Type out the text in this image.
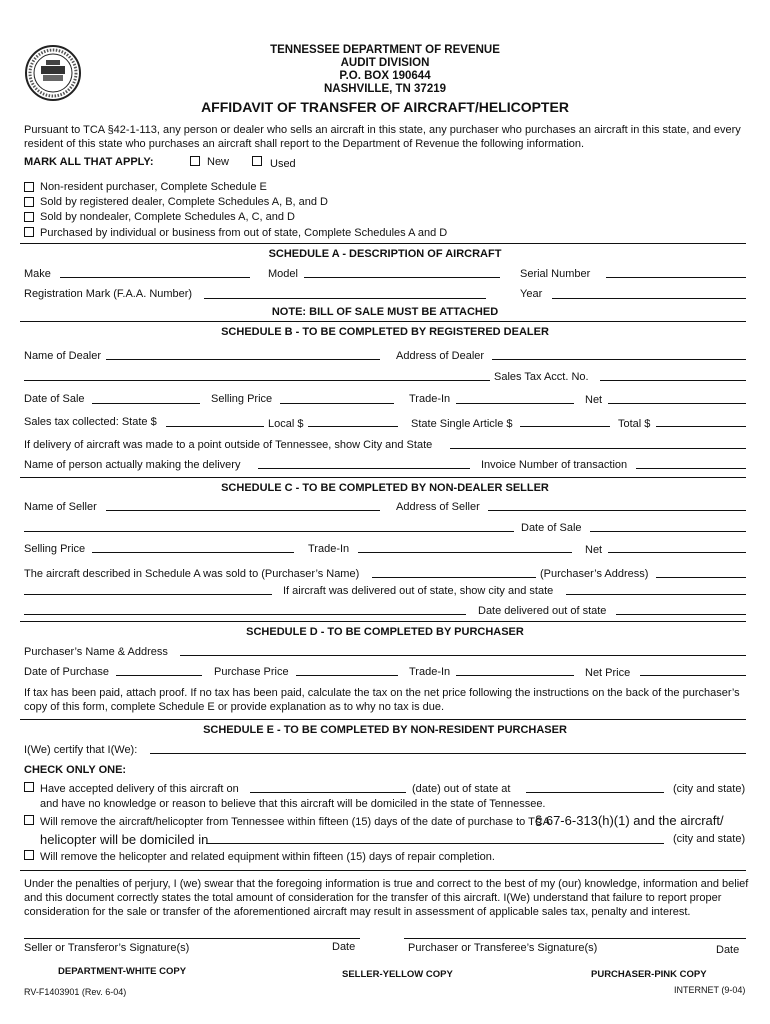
TENNESSEE DEPARTMENT OF REVENUE
AUDIT DIVISION
P.O. BOX 190644
NASHVILLE, TN 37219
AFFIDAVIT OF TRANSFER OF AIRCRAFT/HELICOPTER
Pursuant to TCA §42-1-113, any person or dealer who sells an aircraft in this state, any purchaser who purchases an aircraft in this state, and every resident of this state who purchases an aircraft shall report to the Department of Revenue the following information.
MARK ALL THAT APPLY:	New	Used
Non-resident purchaser, Complete Schedule E
Sold by registered dealer, Complete Schedules A, B, and D
Sold by nondealer, Complete Schedules A, C, and D
Purchased by individual or business from out of state, Complete Schedules A and D
SCHEDULE A - DESCRIPTION OF AIRCRAFT
Make	Model	Serial Number
Registration Mark (F.A.A. Number)	Year
NOTE: BILL OF SALE MUST BE ATTACHED
SCHEDULE B - TO BE COMPLETED BY REGISTERED DEALER
Name of Dealer	Address of Dealer
Sales Tax Acct. No.
Date of Sale	Selling Price	Trade-In	Net
Sales tax collected: State $	Local $	State Single Article $	Total $
If delivery of aircraft was made to a point outside of Tennessee, show City and State
Name of person actually making the delivery	Invoice Number of transaction
SCHEDULE C - TO BE COMPLETED BY NON-DEALER SELLER
Name of Seller	Address of Seller
Date of Sale
Selling Price	Trade-In	Net
The aircraft described in Schedule A was sold to (Purchaser’s Name)	(Purchaser’s Address)
If aircraft was delivered out of state, show city and state
Date delivered out of state
SCHEDULE D - TO BE COMPLETED BY PURCHASER
Purchaser’s Name & Address
Date of Purchase	Purchase Price	Trade-In	Net Price
If tax has been paid, attach proof. If no tax has been paid, calculate the tax on the net price following the instructions on the back of the purchaser’s copy of this form, complete Schedule E or provide explanation as to why no tax is due.
SCHEDULE E - TO BE COMPLETED BY NON-RESIDENT PURCHASER
I(We) certify that I(We):
CHECK ONLY ONE:
Have accepted delivery of this aircraft on	(date) out of state at	(city and state)
and have no knowledge or reason to believe that this aircraft will be domiciled in the state of Tennessee.
Will remove the aircraft/helicopter from Tennessee within fifteen (15) days of the date of purchase to TCA
§ 67-6-313(h)(1) and the aircraft/
helicopter will be domiciled in	(city and state)
Will remove the helicopter and related equipment within fifteen (15) days of repair completion.
Under the penalties of perjury, I (we) swear that the foregoing information is true and correct to the best of my (our) knowledge, information and belief and this document correctly states the total amount of consideration for the transfer of this aircraft. I(We) understand that failure to report proper consideration for the sale or transfer of the aforementioned aircraft may result in assessment of applicable sales tax, penalty and interest.
Seller or Transferor’s Signature(s)	Date	Purchaser or Transferee’s Signature(s)	Date
DEPARTMENT-WHITE COPY	SELLER-YELLOW COPY	PURCHASER-PINK COPY
RV-F1403901 (Rev. 6-04)	INTERNET (9-04)
